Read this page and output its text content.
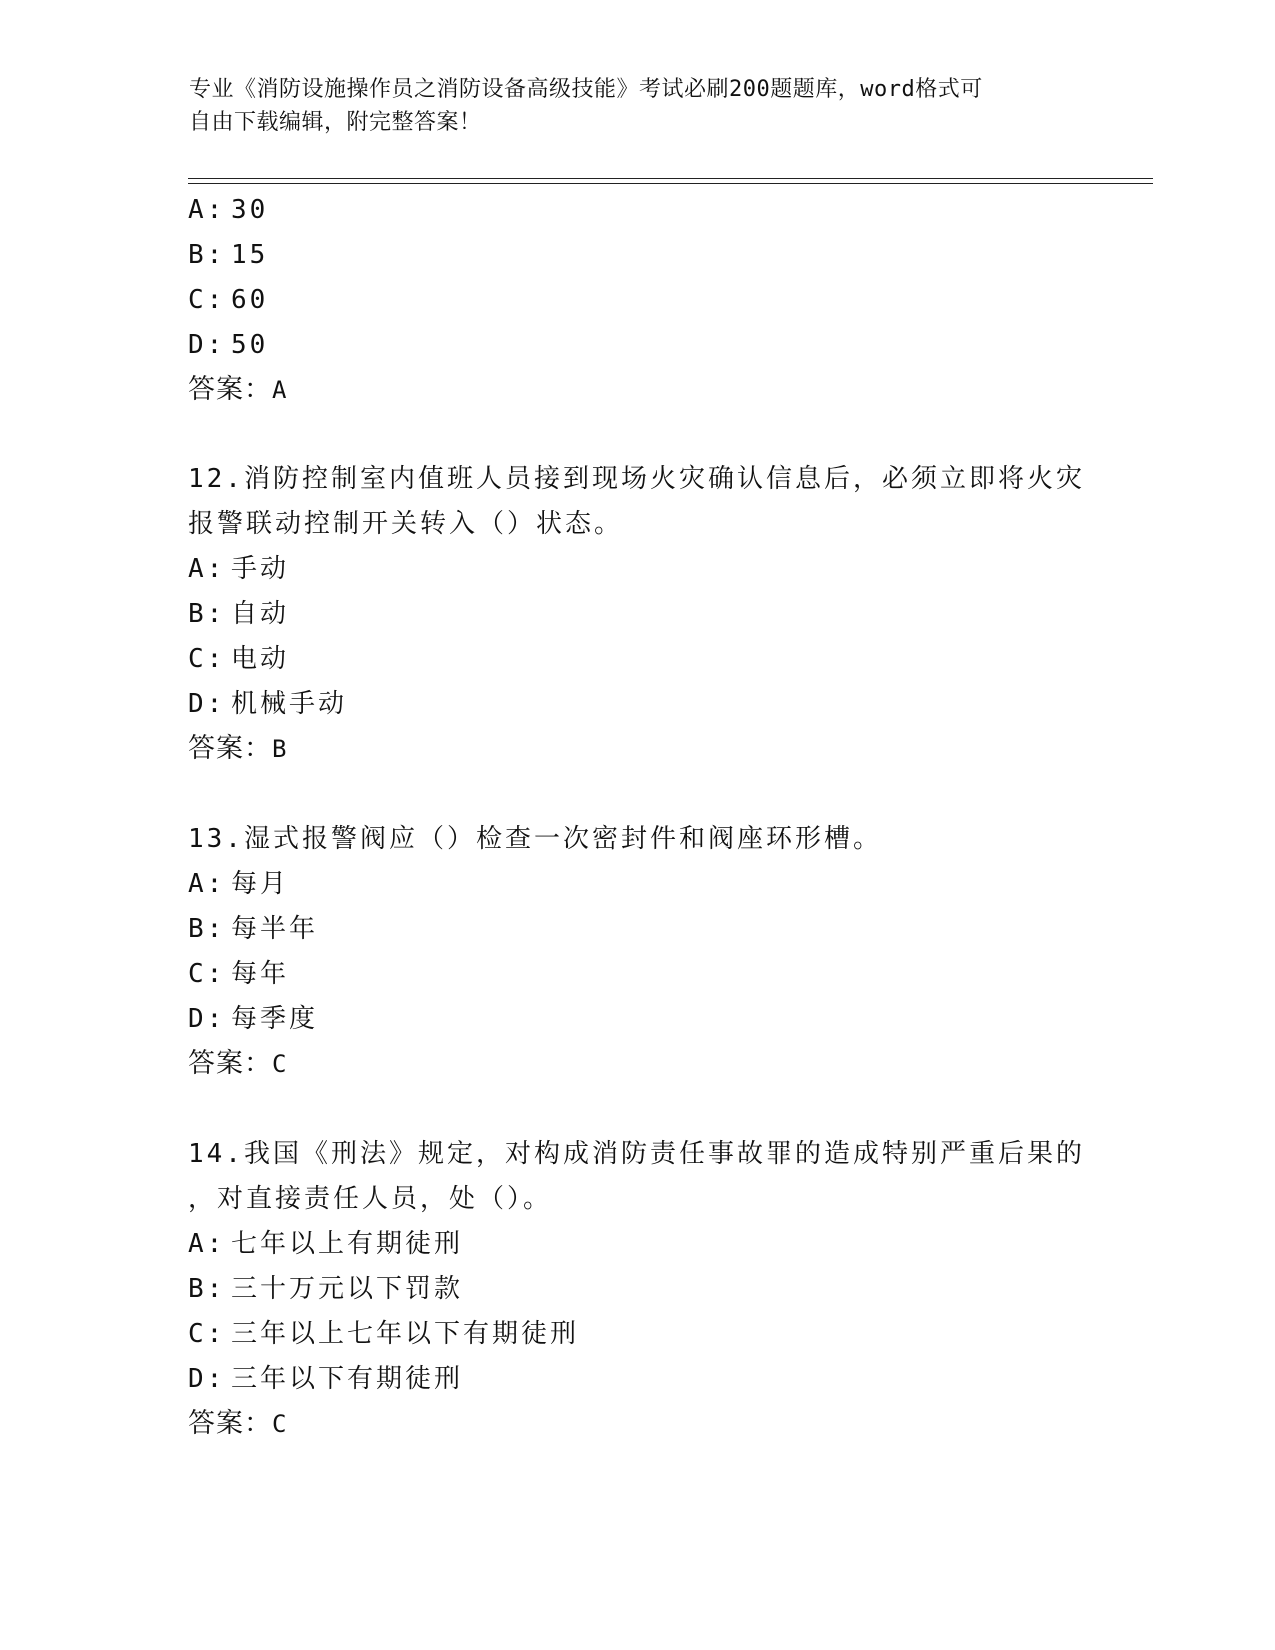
专业《消防设施操作员之消防设备高级技能》考试必刷200题题库，word格式可
自由下载编辑，附完整答案！
A: 30
B: 15
C: 60
D: 50
答案：A
12.消防控制室内值班人员接到现场火灾确认信息后，必须立即将火灾
报警联动控制开关转入（）状态。
A: 手动
B: 自动
C: 电动
D: 机械手动
答案：B
13.湿式报警阀应（）检查一次密封件和阀座环形槽。
A: 每月
B: 每半年
C: 每年
D: 每季度
答案：C
14.我国《刑法》规定，对构成消防责任事故罪的造成特别严重后果的
，对直接责任人员，处（）。
A: 七年以上有期徒刑
B: 三十万元以下罚款
C: 三年以上七年以下有期徒刑
D: 三年以下有期徒刑
答案：C
